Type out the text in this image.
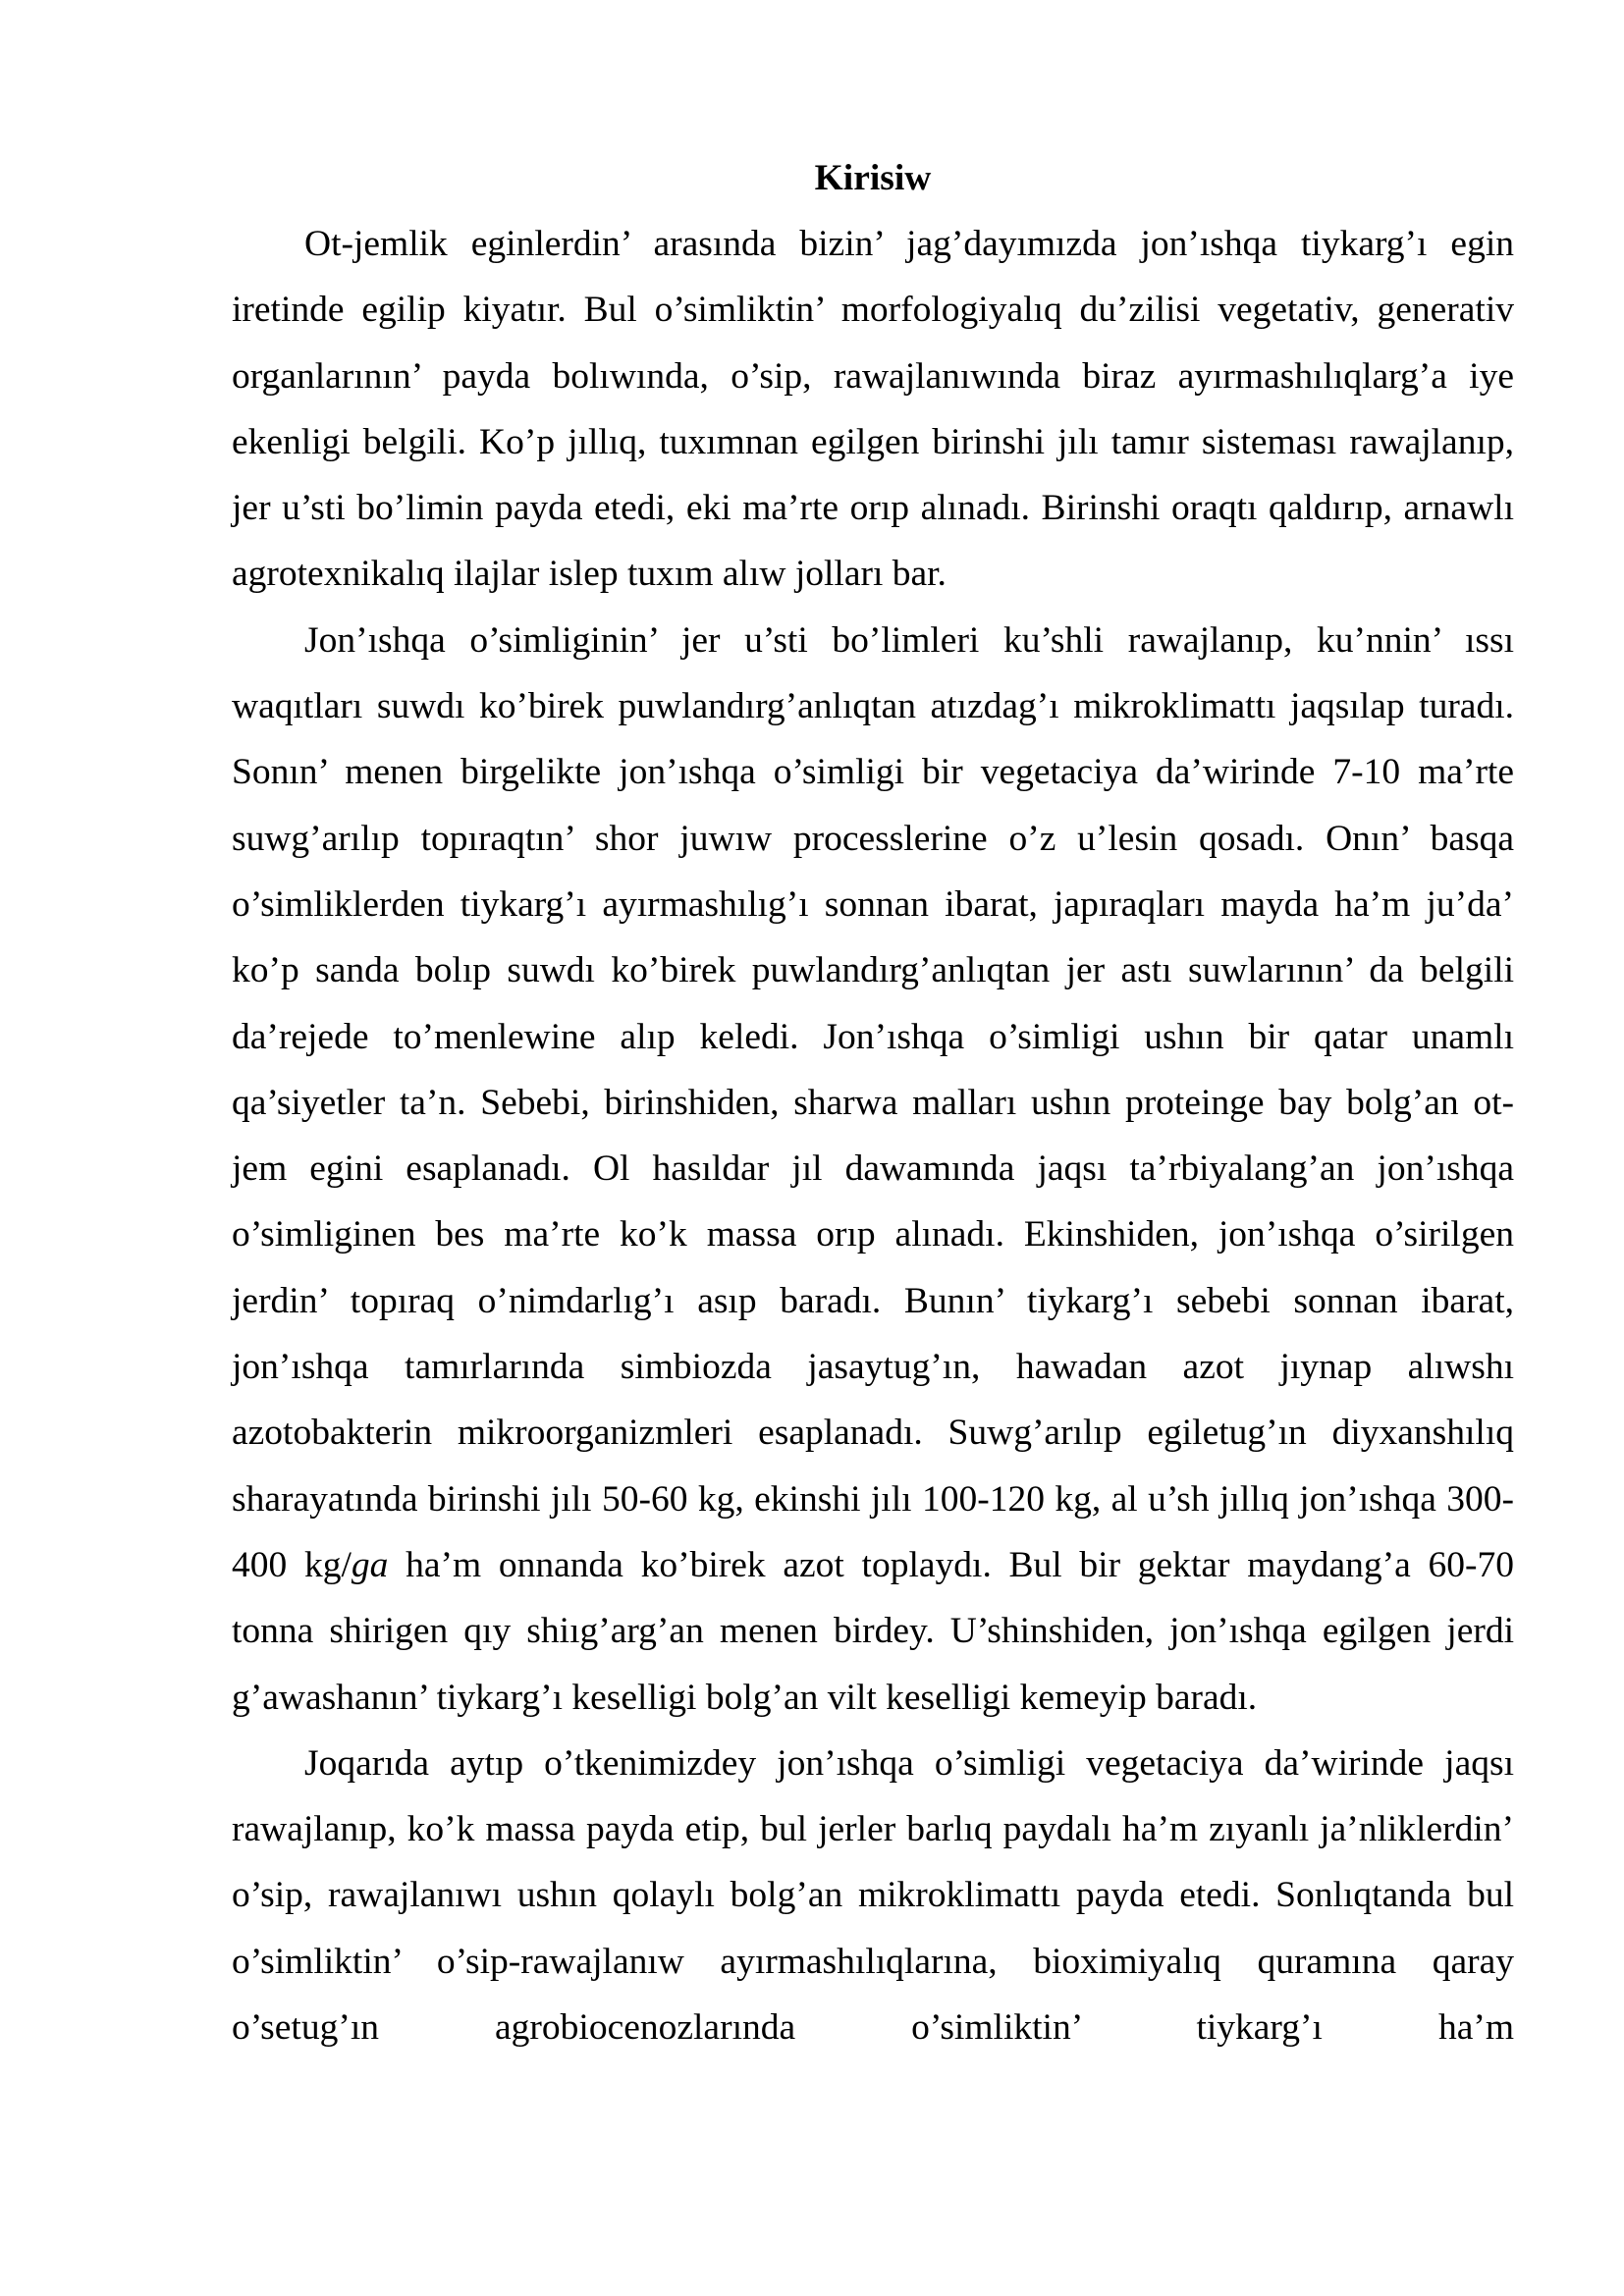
Kirisiw

Ot-jemlik eginlerdin’ arasında bizin’ jag’dayımızda jon’ıshqa tiykarg’ı egin iretinde egilip kiyatır. Bul o’simliktin’ morfologiyalıq du’zilisi vegetativ, generativ organlarının’ payda bolıwında, o’sip, rawajlanıwında biraz ayırmashılıqlarg’a iye ekenligi belgili. Ko’p jıllıq, tuxımnan egilgen birinshi jılı tamır sisteması rawajlanıp, jer u’sti bo’limin payda etedi, eki ma’rte orıp alınadı. Birinshi oraqtı qaldırıp, arnawlı agrotexnikalıq ilajlar islep tuxım alıw jolları bar.

Jon’ıshqa o’simliginin’ jer u’sti bo’limleri ku’shli rawajlanıp, ku’nnin’ ıssı waqıtları suwdı ko’birek puwlandırg’anlıqtan atızdag’ı mikroklimattı jaqsılap turadı. Sonın’ menen birgelikte jon’ıshqa o’simligi bir vegetaciya da’wirinde 7-10 ma’rte suwg’arılıp topıraqtın’ shor juwıw processlerine o’z u’lesin qosadı. Onın’ basqa o’simliklerden tiykarg’ı ayırmashılıg’ı sonnan ibarat, japıraqları mayda ha’m ju’da’ ko’p sanda bolıp suwdı ko’birek puwlandırg’anlıqtan jer astı suwlarının’ da belgili da’rejede to’menlewine alıp keledi. Jon’ıshqa o’simligi ushın bir qatar unamlı qa’siyetler ta’n. Sebebi, birinshiden, sharwa malları ushın proteinge bay bolg’an ot-jem egini esaplanadı. Ol hasıldar jıl dawamında jaqsı ta’rbiyalang’an jon’ıshqa o’simliginen bes ma’rte ko’k massa orıp alınadı. Ekinshiden, jon’ıshqa o’sirilgen jerdin’ topıraq o’nimdarlıg’ı asıp baradı. Bunın’ tiykarg’ı sebebi sonnan ibarat, jon’ıshqa tamırlarında simbiozda jasaytug’ın, hawadan azot jıynap alıwshı azotobakterin mikroorganizmleri esaplanadı. Suwg’arılıp egiletug’ın diyxanshılıq sharayatında birinshi jılı 50-60 kg, ekinshi jılı 100-120 kg, al u’sh jıllıq jon’ıshqa 300-400 kg/ga ha’m onnanda ko’birek azot toplaydı. Bul bir gektar maydang’a 60-70 tonna shirigen qıy shiıg’arg’an menen birdey. U’shinshiden, jon’ıshqa egilgen jerdi g’awashanın’ tiykarg’ı keselligi bolg’an vilt keselligi kemeyip baradı.

Joqarıda aytıp o’tkenimizdey jon’ıshqa o’simligi vegetaciya da’wirinde jaqsı rawajlanıp, ko’k massa payda etip, bul jerler barlıq paydalı ha’m zıyanlı ja’nliklerdin’ o’sip, rawajlanıwı ushın qolaylı bolg’an mikroklimattı payda etedi. Sonlıqtanda bul o’simliktin’ o’sip-rawajlanıw ayırmashılıqlarına, bioximiyalıq quramına qaray o’setug’ın agrobiocenozlarında o’simliktin’ tiykarg’ı ha’m
